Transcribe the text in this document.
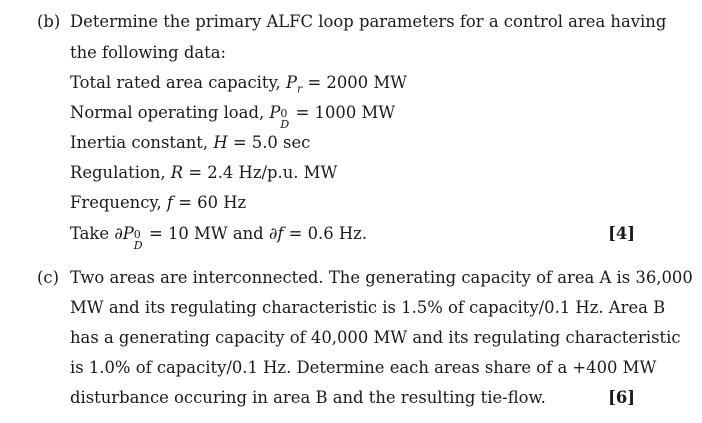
(b) Determine the primary ALFC loop parameters for a control area having
the following data:
Total rated area capacity, $P_r = 2000$ MW
Normal operating load, P 0
D
= 1000 MW
Inertia constant, H = 5.0 sec
Regulation, R = 2.4 Hz/p.u. MW
Frequency, f = 60 Hz
Take ∂P 0
D
= 10 MW and ∂f = 0.6 Hz.	[4]
(c) Two areas are interconnected. The generating capacity of area A is 36,000
MW and its regulating characteristic is 1.5% of capacity/0.1 Hz. Area B
has a generating capacity of 40,000 MW and its regulating characteristic
is 1.0% of capacity/0.1 Hz. Determine each areas share of a +400 MW
disturbance occuring in area B and the resulting tie-flow.	[6]
